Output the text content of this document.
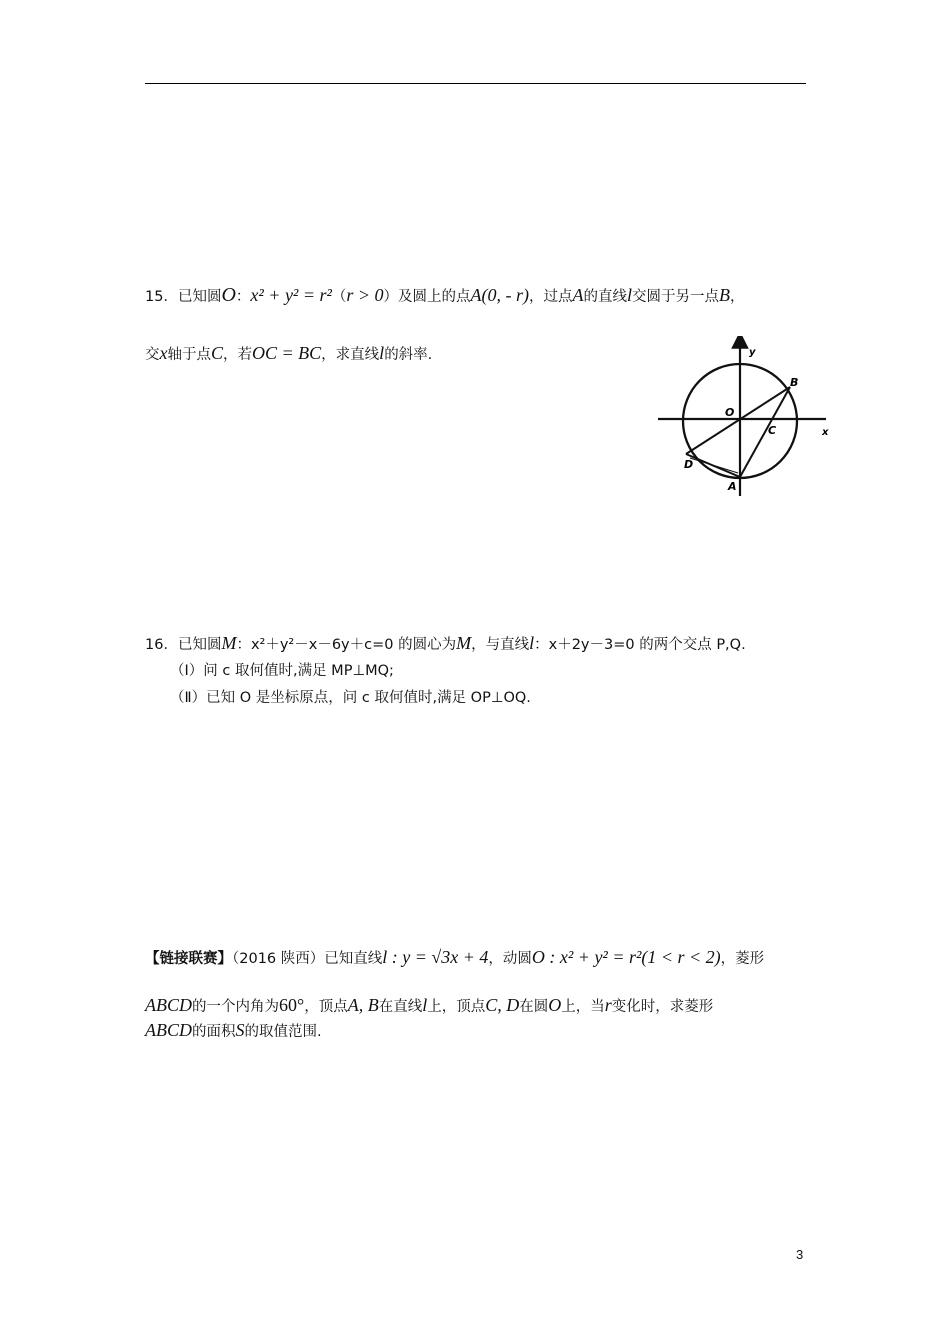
15．已知圆O：x² + y² = r²（r > 0）及圆上的点A(0, - r)，过点A的直线l交圆于另一点B，
交x轴于点C，若OC = BC，求直线l的斜率.	y
x
O
B
C
D
A
16．已知圆M：x²＋y²－x－6y＋c=0 的圆心为M，与直线l：x＋2y－3=0 的两个交点 P,Q.
（Ⅰ）问 c 取何值时,满足 MP⊥MQ;
（Ⅱ）已知 O 是坐标原点，问 c 取何值时,满足 OP⊥OQ.
【链接联赛】（2016 陕西）已知直线l : y = √3x + 4，动圆O : x² + y² = r²(1 < r < 2)，菱形
ABCD的一个内角为60°，顶点A, B在直线l上，顶点C, D在圆O上，当r变化时，求菱形
ABCD的面积S的取值范围.
3
